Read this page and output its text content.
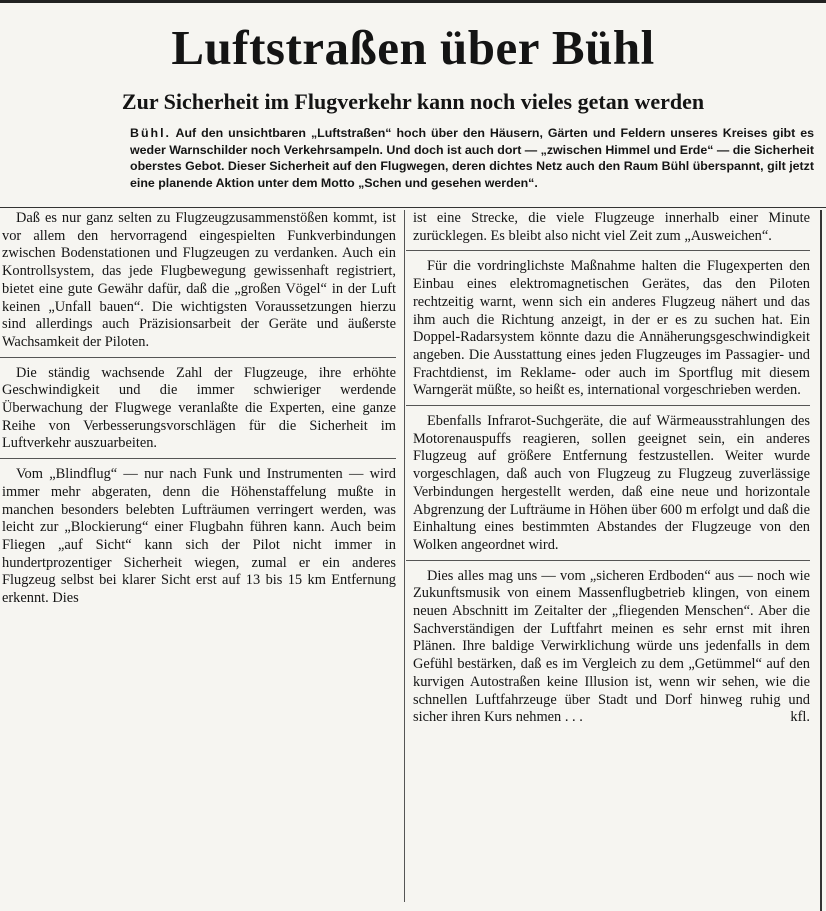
Luftstraßen über Bühl
Zur Sicherheit im Flugverkehr kann noch vieles getan werden

Bühl. Auf den unsichtbaren „Luftstraßen“ hoch über den Häusern, Gärten und Feldern unseres Kreises gibt es weder Warnschilder noch Verkehrsampeln. Und doch ist auch dort — „zwischen Himmel und Erde“ — die Sicherheit oberstes Gebot. Dieser Sicherheit auf den Flugwegen, deren dichtes Netz auch den Raum Bühl überspannt, gilt jetzt eine planende Aktion unter dem Motto „Schen und gesehen werden“.

Daß es nur ganz selten zu Flugzeugzusammenstößen kommt, ist vor allem den hervorragend eingespielten Funkverbindungen zwischen Bodenstationen und Flugzeugen zu verdanken. Auch ein Kontrollsystem, das jede Flugbewegung gewissenhaft registriert, bietet eine gute Gewähr dafür, daß die „großen Vögel“ in der Luft keinen „Unfall bauen“. Die wichtigsten Voraussetzungen hierzu sind allerdings auch Präzisionsarbeit der Geräte und äußerste Wachsamkeit der Piloten.

Die ständig wachsende Zahl der Flugzeuge, ihre erhöhte Geschwindigkeit und die immer schwieriger werdende Überwachung der Flugwege veranlaßte die Experten, eine ganze Reihe von Verbesserungsvorschlägen für die Sicherheit im Luftverkehr auszuarbeiten.

Vom „Blindflug“ — nur nach Funk und Instrumenten — wird immer mehr abgeraten, denn die Höhenstaffelung mußte in manchen besonders belebten Lufträumen verringert werden, was leicht zur „Blockierung“ einer Flugbahn führen kann. Auch beim Fliegen „auf Sicht“ kann sich der Pilot nicht immer in hundertprozentiger Sicherheit wiegen, zumal er ein anderes Flugzeug selbst bei klarer Sicht erst auf 13 bis 15 km Entfernung erkennt. Dies

ist eine Strecke, die viele Flugzeuge innerhalb einer Minute zurücklegen. Es bleibt also nicht viel Zeit zum „Ausweichen“.

Für die vordringlichste Maßnahme halten die Flugexperten den Einbau eines elektromagnetischen Gerätes, das den Piloten rechtzeitig warnt, wenn sich ein anderes Flugzeug nähert und das ihm auch die Richtung anzeigt, in der er es zu suchen hat. Ein Doppel-Radarsystem könnte dazu die Annäherungsgeschwindigkeit angeben. Die Ausstattung eines jeden Flugzeuges im Passagier- und Frachtdienst, im Reklame- oder auch im Sportflug mit diesem Warngerät müßte, so heißt es, international vorgeschrieben werden.

Ebenfalls Infrarot-Suchgeräte, die auf Wärmeausstrahlungen des Motorenauspuffs reagieren, sollen geeignet sein, ein anderes Flugzeug auf größere Entfernung festzustellen. Weiter wurde vorgeschlagen, daß auch von Flugzeug zu Flugzeug zuverlässige Verbindungen hergestellt werden, daß eine neue und horizontale Abgrenzung der Lufträume in Höhen über 600 m erfolgt und daß die Einhaltung eines bestimmten Abstandes der Flugzeuge von den Wolken angeordnet wird.

Dies alles mag uns — vom „sicheren Erdboden“ aus — noch wie Zukunftsmusik von einem Massenflugbetrieb klingen, von einem neuen Abschnitt im Zeitalter der „fliegenden Menschen“. Aber die Sachverständigen der Luftfahrt meinen es sehr ernst mit ihren Plänen. Ihre baldige Verwirklichung würde uns jedenfalls in dem Gefühl bestärken, daß es im Vergleich zu dem „Getümmel“ auf den kurvigen Autostraßen keine Illusion ist, wenn wir sehen, wie die schnellen Luftfahrzeuge über Stadt und Dorf hinweg ruhig und sicher ihren Kurs nehmen . . .	kfl.
